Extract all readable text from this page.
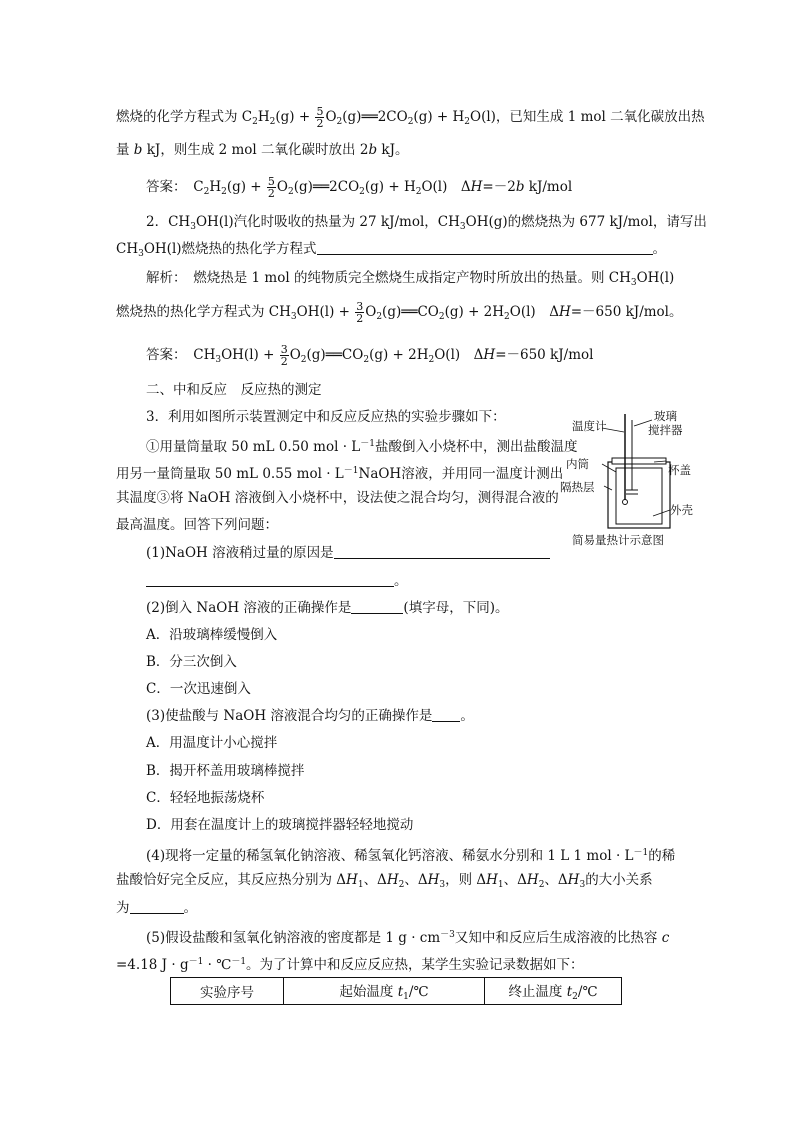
燃烧的化学方程式为 $C_2H_2(g) + \frac{5}{2}$ $O_2(g)══2CO_2(g) + H_2O(l)$，已知生成 1 mol 二氧化碳放出热
量 b kJ，则生成 2 mol 二氧化碳时放出 2b kJ。
答案：　 $C_2H_2(g) + \frac{5}{2}$ $O_2(g)══2CO_2(g) + H_2O(l)$　 ΔH=－2b kJ/mol
2．$CH_3OH(l)$汽化时吸收的热量为 27 kJ/mol，$CH_3OH(g)$的燃烧热为 677 kJ/mol，请写出
$CH_3OH(l)$燃烧热的热化学方程式	。
解析：　 燃烧热是 1 mol 的纯物质完全燃烧生成指定产物时所放出的热量。则 $CH_3OH(l)$
燃烧热的热化学方程式为 $CH_3OH(l) + \frac{3}{2}$ $O_2(g)══CO_2(g) + 2H_2O(l)$　 ΔH=－650 kJ/mol。
答案：　 $CH_3OH(l) + \frac{3}{2}$ $O_2(g)══CO_2(g) + 2H_2O(l)$　 ΔH=－650 kJ/mol
二、中和反应　反应热的测定
3．利用如图所示装置测定中和反应反应热的实验步骤如下：
①用量筒量取 50 mL 0.50 mol · $L^{-1}$盐酸倒入小烧杯中，测出盐酸温度
用另一量筒量取 50 mL 0.55 mol · $L^{-1}NaOH$溶液，并用同一温度计测出
其温度③将 NaOH 溶液倒入小烧杯中，设法使之混合均匀，测得混合液的
最高温度。回答下列问题：
温度计
玻璃
搅拌器
内筒	杯盖
隔热层
外壳
简易量热计示意图
(1)NaOH 溶液稍过量的原因是
。
(2)倒入 NaOH 溶液的正确操作是	(填字母，下同)。
A．沿玻璃棒缓慢倒入
B．分三次倒入
C．一次迅速倒入
(3)使盐酸与 NaOH 溶液混合均匀的正确操作是 。
A．用温度计小心搅拌
B．揭开杯盖用玻璃棒搅拌
C．轻轻地振荡烧杯
D．用套在温度计上的玻璃搅拌器轻轻地搅动
(4)现将一定量的稀氢氧化钠溶液、稀氢氧化钙溶液、稀氨水分别和 1 L 1 mol · $L^{-1}$的稀
盐酸恰好完全反应，其反应热分别为 $\Delta H_1$、$\Delta H_2$、$\Delta H_3$，则 $\Delta H_1$、$\Delta H_2$、$\Delta H_3$的大小关系
为	。
(5)假设盐酸和氢氧化钠溶液的密度都是 1 $g \cdot cm^{-3}$又知中和反应后生成溶液的比热容 c
=4.18 $J \cdot g^{-1}$ · ℃$^{-1}$。为了计算中和反应反应热，某学生实验记录数据如下：
实验序号	起始温度 $t_1/℃$	终止温度 $t_2/℃$
